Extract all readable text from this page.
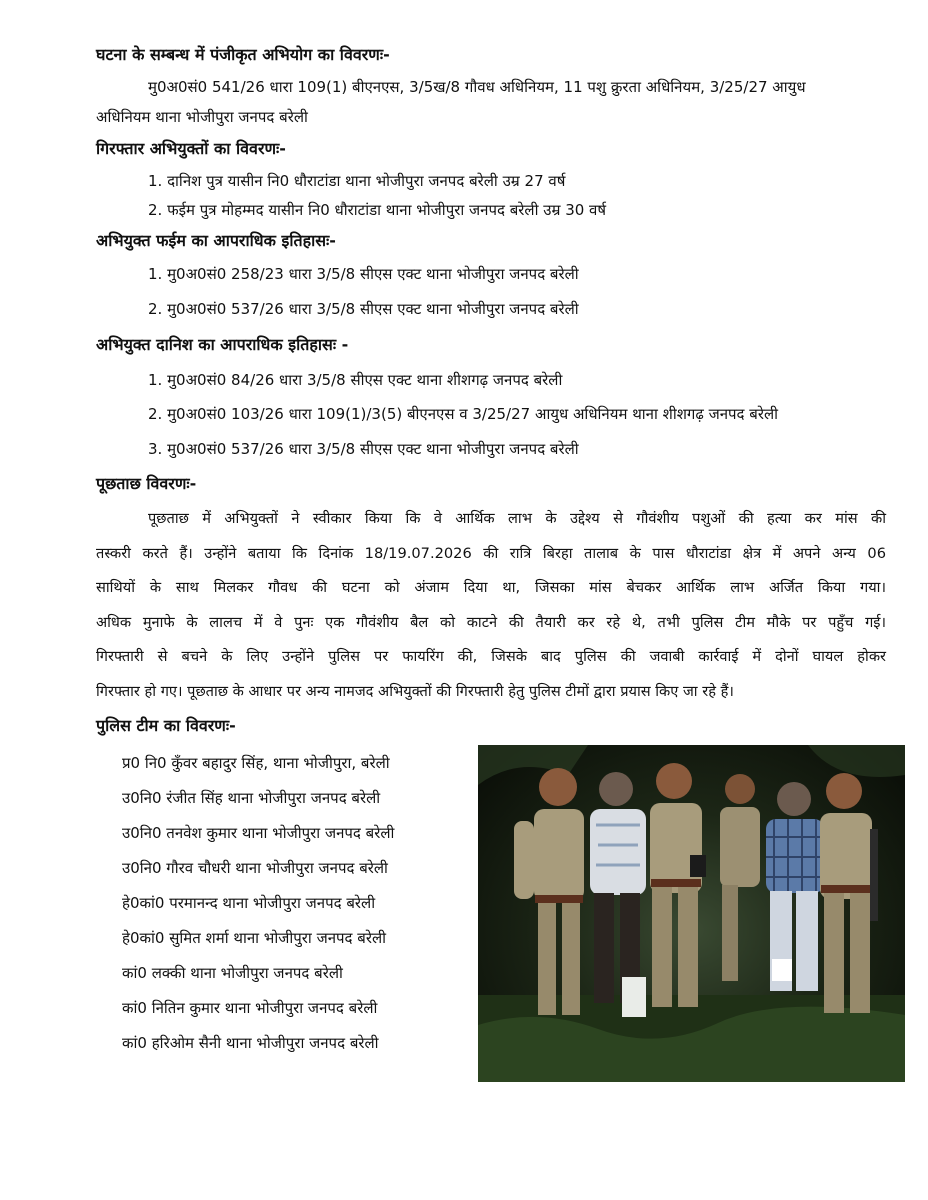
घटना के सम्बन्ध में पंजीकृत अभियोग का विवरणः-
मु0अ0सं0 541/26 धारा 109(1) बीएनएस, 3/5ख/8 गौवध अधिनियम, 11 पशु क्रुरता अधिनियम, 3/25/27 आयुध
अधिनियम थाना भोजीपुरा जनपद बरेली
गिरफ्तार अभियुक्तों का विवरणः-
1. दानिश पुत्र यासीन नि0 धौराटांडा थाना भोजीपुरा जनपद बरेली उम्र 27 वर्ष
2. फईम पुत्र मोहम्मद यासीन नि0 धौराटांडा थाना भोजीपुरा जनपद बरेली उम्र 30 वर्ष
अभियुक्त फईम का आपराधिक इतिहासः-
1. मु0अ0सं0 258/23 धारा 3/5/8 सीएस एक्ट थाना भोजीपुरा जनपद बरेली
2. मु0अ0सं0 537/26 धारा 3/5/8 सीएस एक्ट थाना भोजीपुरा जनपद बरेली
अभियुक्त दानिश का आपराधिक इतिहासः -
1. मु0अ0सं0 84/26 धारा 3/5/8 सीएस एक्ट थाना शीशगढ़ जनपद बरेली
2. मु0अ0सं0 103/26 धारा 109(1)/3(5) बीएनएस व 3/25/27 आयुध अधिनियम थाना शीशगढ़ जनपद बरेली
3. मु0अ0सं0 537/26 धारा 3/5/8 सीएस एक्ट थाना भोजीपुरा जनपद बरेली
पूछताछ विवरणः-
पूछताछ में अभियुक्तों ने स्वीकार किया कि वे आर्थिक लाभ के उद्देश्य से गौवंशीय पशुओं की हत्या कर मांस की
तस्करी करते हैं। उन्होंने बताया कि दिनांक 18/19.07.2026 की रात्रि बिरहा तालाब के पास धौराटांडा क्षेत्र में अपने अन्य 06
साथियों के साथ मिलकर गौवध की घटना को अंजाम दिया था, जिसका मांस बेचकर आर्थिक लाभ अर्जित किया गया।
अधिक मुनाफे के लालच में वे पुनः एक गौवंशीय बैल को काटने की तैयारी कर रहे थे, तभी पुलिस टीम मौके पर पहुँच गई।
गिरफ्तारी से बचने के लिए उन्होंने पुलिस पर फायरिंग की, जिसके बाद पुलिस की जवाबी कार्रवाई में दोनों घायल होकर
गिरफ्तार हो गए। पूछताछ के आधार पर अन्य नामजद अभियुक्तों की गिरफ्तारी हेतु पुलिस टीमों द्वारा प्रयास किए जा रहे हैं।
पुलिस टीम का विवरणः-
प्र0 नि0 कुँवर बहादुर सिंह, थाना भोजीपुरा, बरेली
उ0नि0 रंजीत सिंह थाना भोजीपुरा जनपद बरेली
उ0नि0 तनवेश कुमार थाना भोजीपुरा जनपद बरेली
उ0नि0 गौरव चौधरी थाना भोजीपुरा जनपद बरेली
हे0कां0 परमानन्द थाना भोजीपुरा जनपद बरेली
हे0कां0 सुमित शर्मा थाना भोजीपुरा जनपद बरेली
कां0 लक्की थाना भोजीपुरा जनपद बरेली
कां0 नितिन कुमार थाना भोजीपुरा जनपद बरेली
कां0 हरिओम सैनी थाना भोजीपुरा जनपद बरेली
